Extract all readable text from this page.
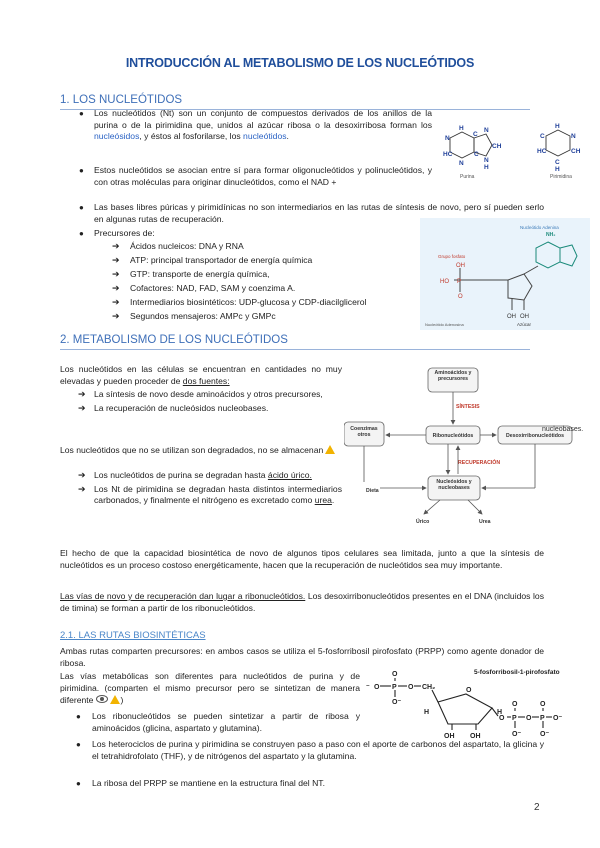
INTRODUCCIÓN AL METABOLISMO DE LOS NUCLEÓTIDOS
1. LOS NUCLEÓTIDOS
● Los nucleótidos (Nt) son un conjunto de compuestos derivados de los anillos de la purina o de la pirimidina que, unidos al azúcar ribosa o la desoxirribosa forman los nucleósidos, y éstos al fosforilarse, los nucleótidos.
● Estos nucleótidos se asocian entre sí para formar oligonucleótidos y polinucleótidos, y con otras moléculas para originar dinucleótidos, como el NAD +
● Las bases libres púricas y pirimidínicas no son intermediarios en las rutas de síntesis de novo, pero sí pueden serlo en algunas rutas de recuperación.
● Precursores de:
➔ Ácidos nucleicos: DNA y RNA
➔ ATP: principal transportador de energía química
➔ GTP: transporte de energía química,
➔ Cofactores: NAD, FAD, SAM y coenzima A.
➔ Intermediarios biosintéticos: UDP-glucosa y CDP-diacilglicerol
➔ Segundos mensajeros: AMPc y GMPc
H
N
C
HC	C
N
N
CH
N
H
H
N
C
HC	CH
C
H
Purina	Pirimidina
Nucleótido Adenina
Grupo fosfato
NH₂
OH
HO P
O
OH OH
Nucleótido Adenosina	Azúcar
2. METABOLISMO DE LOS NUCLEÓTIDOS
Los nucleótidos en las células se encuentran en cantidades no muy elevadas y pueden proceder de dos fuentes:
➔ La síntesis de novo desde aminoácidos y otros precursores,
➔ La recuperación de nucleósidos nucleobases.
Los nucleótidos que no se utilizan son degradados, no se almacenan
➔ Los nucleótidos de purina se degradan hasta ácido úrico.
➔ Los Nt de pirimidina se degradan hasta distintos intermediarios carbonados, y finalmente el nitrógeno es excretado como urea.
Aminoácidos y precursores
Coenzimas otros	Ribonucleótidos	Desoxirribonucleótidos
Nucleósidos y nucleobases
nucleobases.
SÍNTESIS
RECUPERACIÓN
Dieta
Úrico	Urea
El hecho de que la capacidad biosintética de novo de algunos tipos celulares sea limitada, junto a que la síntesis de nucleótidos es un proceso costoso energéticamente, hacen que la recuperación de nucleótidos sea muy importante.
Las vías de novo y de recuperación dan lugar a ribonucleótidos. Los desoxirribonucleótidos presentes en el DNA (incluidos los de timina) se forman a partir de los ribonucleótidos.
2.1. LAS RUTAS BIOSINTÉTICAS
Ambas rutas comparten precursores: en ambos casos se utiliza el 5-fosforribosil pirofosfato (PRPP) como agente donador de ribosa.
Las vías metabólicas son diferentes para nucleótidos de purina y de pirimidina. (comparten el mismo precursor pero se sintetizan de manera diferente	)
● Los ribonucleótidos se pueden sintetizar a partir de ribosa y aminoácidos (glicina, aspartato y glutamina).
● Los heterociclos de purina y pirimidina se construyen paso a paso con el aporte de carbonos del aspartato, la glicina y el tetrahidrofolato (THF), y de nitrógenos del aspartato y la glutamina.
● La ribosa del PRPP se mantiene en la estructura final del NT.
5-fosforribosil-1-pirofosfato
O P O CH₂
⁻
O
O⁻
O
H
OH OH
H
O P O P O⁻
O	O
O⁻	O⁻
2
